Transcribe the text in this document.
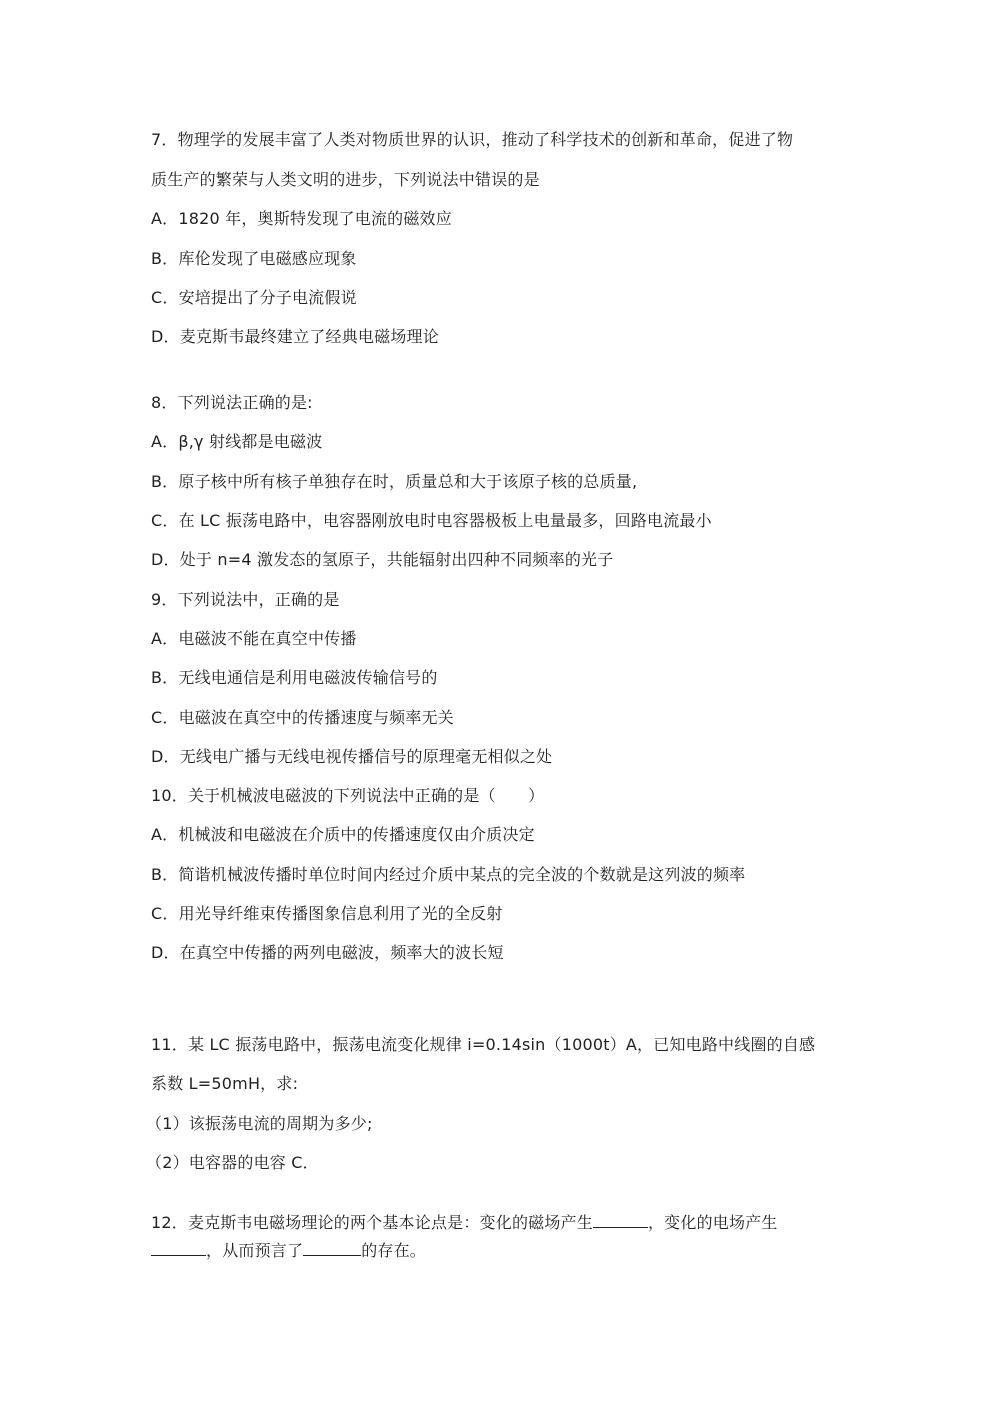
7．物理学的发展丰富了人类对物质世界的认识，推动了科学技术的创新和革命，促进了物
质生产的繁荣与人类文明的进步，下列说法中错误的是
A．1820 年，奥斯特发现了电流的磁效应
B．库伦发现了电磁感应现象
C．安培提出了分子电流假说
D．麦克斯韦最终建立了经典电磁场理论
8．下列说法正确的是:
A．β,γ 射线都是电磁波
B．原子核中所有核子单独存在时，质量总和大于该原子核的总质量,
C．在 LC 振荡电路中，电容器刚放电时电容器极板上电量最多，回路电流最小
D．处于 n=4 激发态的氢原子，共能辐射出四种不同频率的光子
9．下列说法中，正确的是
A．电磁波不能在真空中传播
B．无线电通信是利用电磁波传输信号的
C．电磁波在真空中的传播速度与频率无关
D．无线电广播与无线电视传播信号的原理毫无相似之处
10．关于机械波电磁波的下列说法中正确的是（　　）
A．机械波和电磁波在介质中的传播速度仅由介质决定
B．简谐机械波传播时单位时间内经过介质中某点的完全波的个数就是这列波的频率
C．用光导纤维束传播图象信息利用了光的全反射
D．在真空中传播的两列电磁波，频率大的波长短
11．某 LC 振荡电路中，振荡电流变化规律 i=0.14sin（1000t）A，已知电路中线圈的自感
系数 L=50mH，求:
（1）该振荡电流的周期为多少;
（2）电容器的电容 C．
12．麦克斯韦电磁场理论的两个基本论点是：变化的磁场产生	，变化的电场产生
，从而预言了	的存在。
